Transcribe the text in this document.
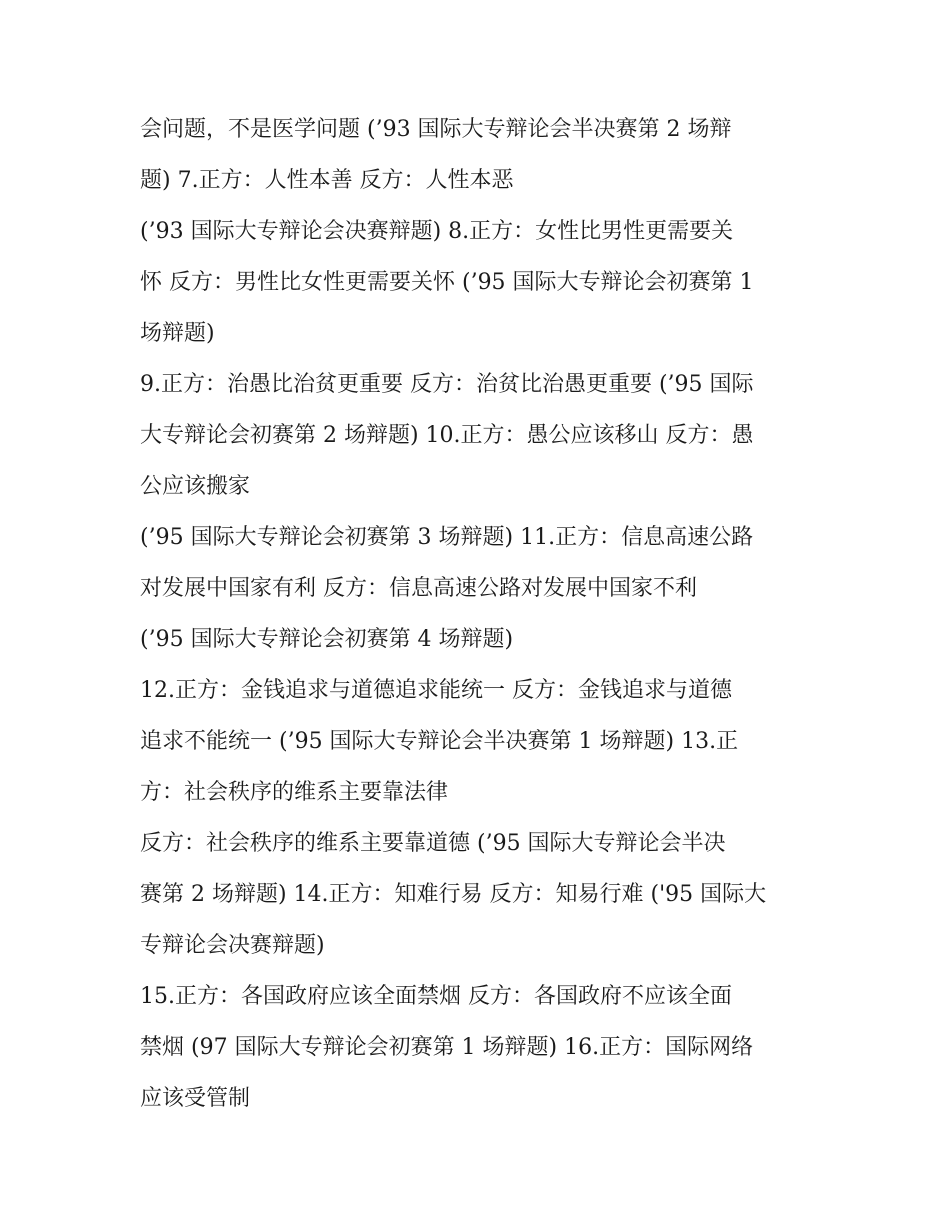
会问题，不是医学问题 (’93 国际大专辩论会半决赛第 2 场辩
题) 7.正方：人性本善 反方：人性本恶
(’93 国际大专辩论会决赛辩题) 8.正方：女性比男性更需要关
怀 反方：男性比女性更需要关怀 (’95 国际大专辩论会初赛第 1
场辩题)
9.正方：治愚比治贫更重要 反方：治贫比治愚更重要 (’95 国际
大专辩论会初赛第 2 场辩题) 10.正方：愚公应该移山 反方：愚
公应该搬家
(’95 国际大专辩论会初赛第 3 场辩题) 11.正方：信息高速公路
对发展中国家有利 反方：信息高速公路对发展中国家不利
(’95 国际大专辩论会初赛第 4 场辩题)
12.正方：金钱追求与道德追求能统一 反方：金钱追求与道德
追求不能统一 (’95 国际大专辩论会半决赛第 1 场辩题) 13.正
方：社会秩序的维系主要靠法律
反方：社会秩序的维系主要靠道德 (’95 国际大专辩论会半决
赛第 2 场辩题) 14.正方：知难行易 反方：知易行难 ('95 国际大
专辩论会决赛辩题)
15.正方：各国政府应该全面禁烟 反方：各国政府不应该全面
禁烟 (97 国际大专辩论会初赛第 1 场辩题) 16.正方：国际网络
应该受管制
